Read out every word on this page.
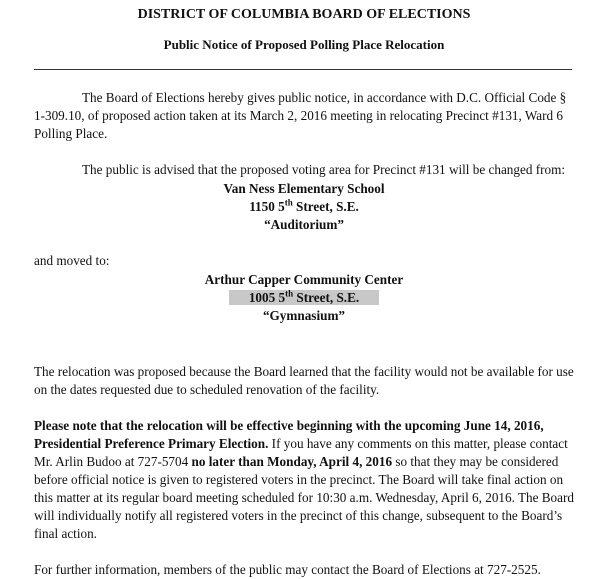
DISTRICT OF COLUMBIA BOARD OF ELECTIONS
Public Notice of Proposed Polling Place Relocation

The Board of Elections hereby gives public notice, in accordance with D.C. Official Code § 1-309.10, of proposed action taken at its March 2, 2016 meeting in relocating Precinct #131, Ward 6 Polling Place.

The public is advised that the proposed voting area for Precinct #131 will be changed from:

Van Ness Elementary School
1150 5th Street, S.E.
“Auditorium”

and moved to:

Arthur Capper Community Center
1005 5th Street, S.E.
“Gymnasium”

The relocation was proposed because the Board learned that the facility would not be available for use on the dates requested due to scheduled renovation of the facility.

Please note that the relocation will be effective beginning with the upcoming June 14, 2016, Presidential Preference Primary Election. If you have any comments on this matter, please contact Mr. Arlin Budoo at 727-5704 no later than Monday, April 4, 2016 so that they may be considered before official notice is given to registered voters in the precinct. The Board will take final action on this matter at its regular board meeting scheduled for 10:30 a.m. Wednesday, April 6, 2016. The Board will individually notify all registered voters in the precinct of this change, subsequent to the Board’s final action.

For further information, members of the public may contact the Board of Elections at 727-2525.
